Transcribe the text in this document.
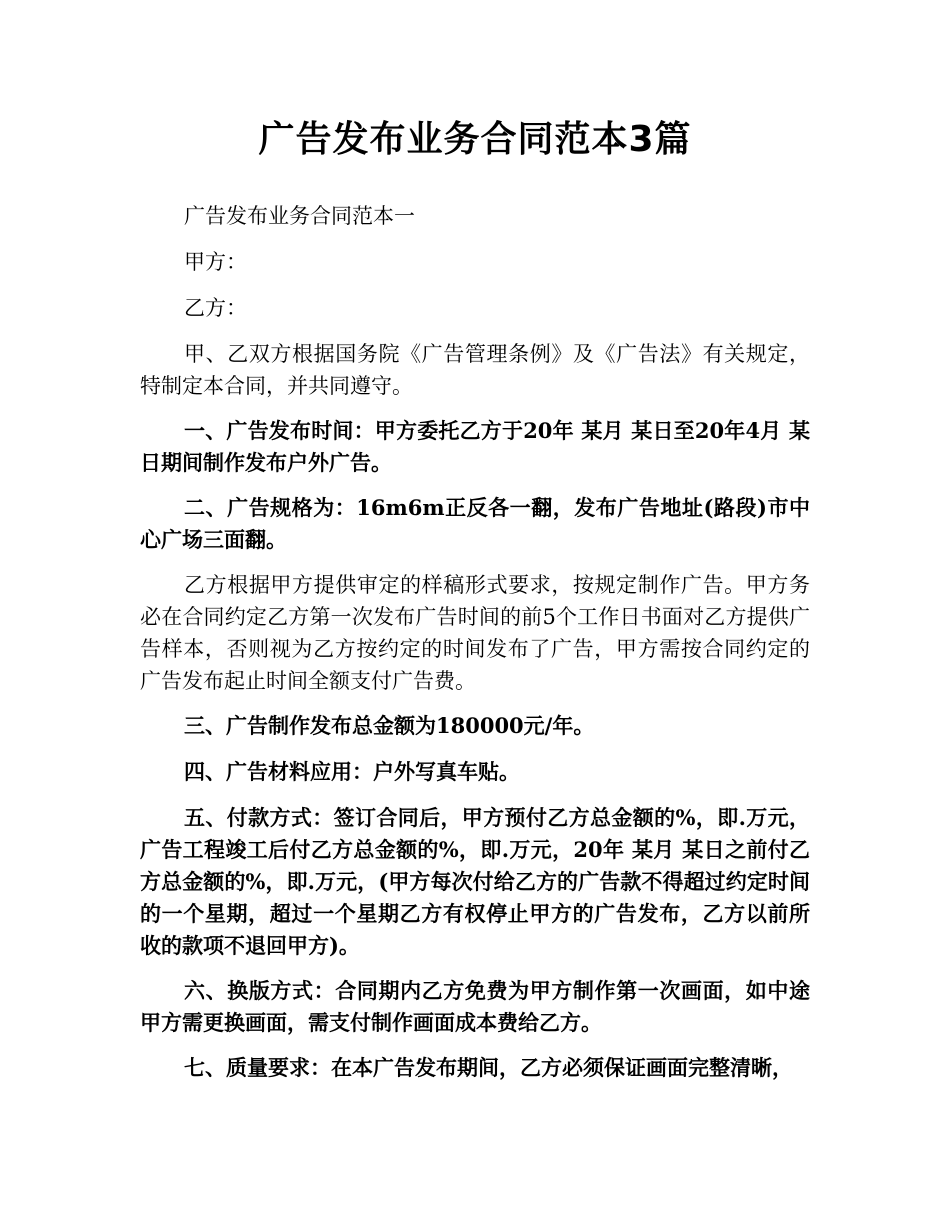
广告发布业务合同范本3篇

广告发布业务合同范本一

甲方：

乙方：

甲、乙双方根据国务院《广告管理条例》及《广告法》有关规定，特制定本合同，并共同遵守。

一、广告发布时间：甲方委托乙方于20年 某月 某日至20年4月 某日期间制作发布户外广告。

二、广告规格为：16m6m正反各一翻，发布广告地址(路段)市中心广场三面翻。

乙方根据甲方提供审定的样稿形式要求，按规定制作广告。甲方务必在合同约定乙方第一次发布广告时间的前5个工作日书面对乙方提供广告样本，否则视为乙方按约定的时间发布了广告，甲方需按合同约定的广告发布起止时间全额支付广告费。

三、广告制作发布总金额为180000元/年。

四、广告材料应用：户外写真车贴。

五、付款方式：签订合同后，甲方预付乙方总金额的%，即.万元，广告工程竣工后付乙方总金额的%，即.万元，20年 某月 某日之前付乙方总金额的%，即.万元，(甲方每次付给乙方的广告款不得超过约定时间的一个星期，超过一个星期乙方有权停止甲方的广告发布，乙方以前所收的款项不退回甲方)。

六、换版方式：合同期内乙方免费为甲方制作第一次画面，如中途甲方需更换画面，需支付制作画面成本费给乙方。

七、质量要求：在本广告发布期间，乙方必须保证画面完整清晰，
